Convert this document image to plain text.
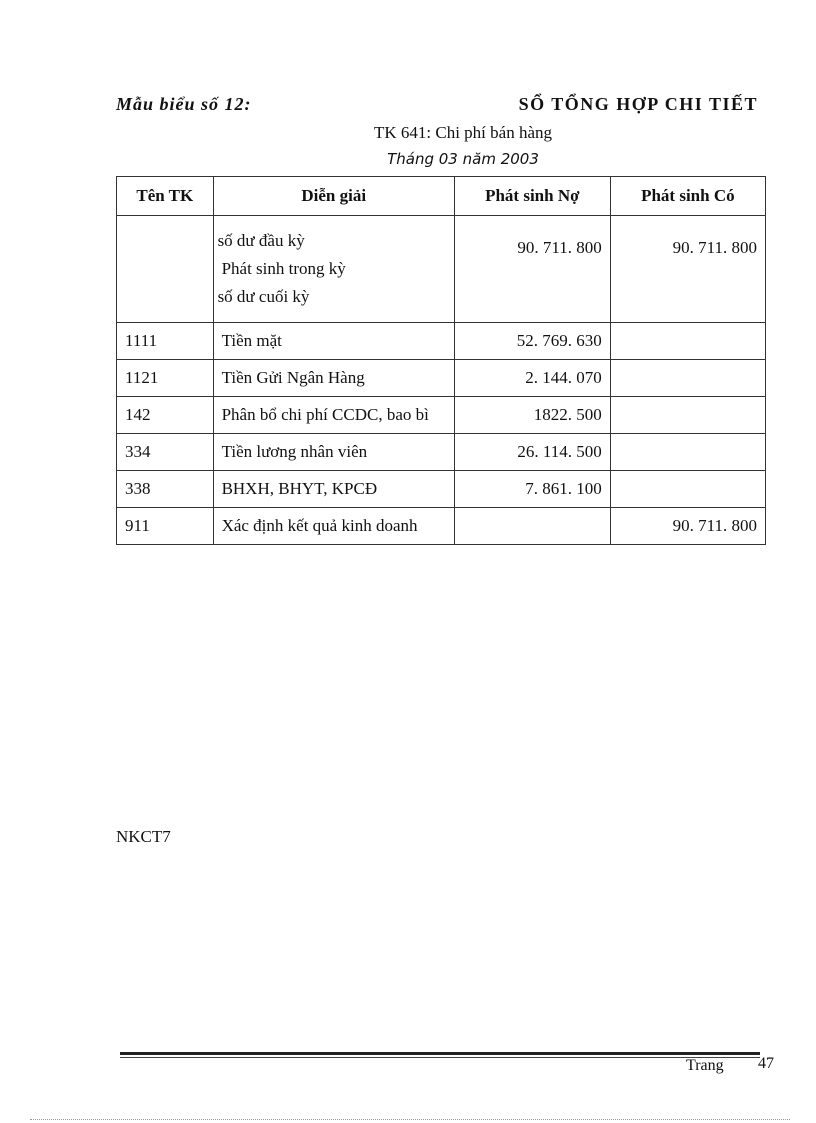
Mẫu biểu số 12:	SỔ TỔNG HỢP CHI TIẾT
TK 641: Chi phí bán hàng
Tháng 03 năm 2003
Tên TK	Diễn giải	Phát sinh Nợ	Phát sinh Có

	số dư đầu kỳ
Phát sinh trong kỳ
số dư cuối kỳ	90. 711. 800	90. 711. 800
1111	Tiền mặt	52. 769. 630	
1121	Tiền Gửi Ngân Hàng	2. 144. 070	
142	Phân bổ chi phí CCDC, bao bì	1822. 500	
334	Tiền lương nhân viên	26. 114. 500	
338	BHXH, BHYT, KPCĐ	7. 861. 100	
911	Xác định kết quả kinh doanh		90. 711. 800
NKCT7
Trang 47
